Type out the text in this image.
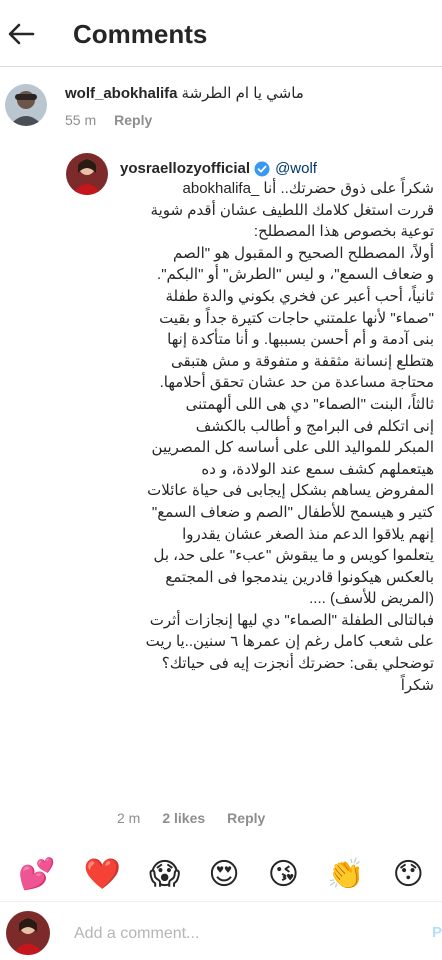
Comments
wolf_abokhalifa ماشي يا ام الطرشة
55 m Reply
yosraellozyofficial @wolf
شكراً على ذوق حضرتك.. أنا _abokhalifa
قررت استغل كلامك اللطيف عشان أقدم شوية
توعية بخصوص هذا المصطلح:
أولاً، المصطلح الصحيح و المقبول هو "الصم
و ضعاف السمع"، و ليس "الطرش" أو "البكم".
ثانياً، أحب أعبر عن فخري بكوني والدة طفلة
"صماء" لأنها علمتني حاجات كتيرة جداً و بقيت
بنى آدمة و أم أحسن بسببها. و أنا متأكدة إنها
هتطلع إنسانة مثقفة و متفوقة و مش هتبقى
محتاجة مساعدة من حد عشان تحقق أحلامها.
ثالثاً، البنت "الصماء" دي هى اللى ألهمتنى
إنى اتكلم فى البرامج و أطالب بالكشف
المبكر للمواليد اللى على أساسه كل المصريين
هيتعملهم كشف سمع عند الولادة، و ده
المفروض يساهم بشكل إيجابى فى حياة عائلات
كتير و هيسمح للأطفال "الصم و ضعاف السمع"
إنهم يلاقوا الدعم منذ الصغر عشان يقدروا
يتعلموا كويس و ما يبقوش "عبء" على حد، بل
بالعكس هيكونوا قادرين يندمجوا فى المجتمع
(المريض للأسف) ....
فبالتالى الطفلة "الصماء" دي ليها إنجازات أثرت
على شعب كامل رغم إن عمرها ٦ سنين..يا ريت
توضحلي بقى: حضرتك أنجزت إيه فى حياتك؟
شكراً
2 m 2 likes Reply
💕 ❤️ 😱 😍 😘 👏 😯
Add a comment...
P
